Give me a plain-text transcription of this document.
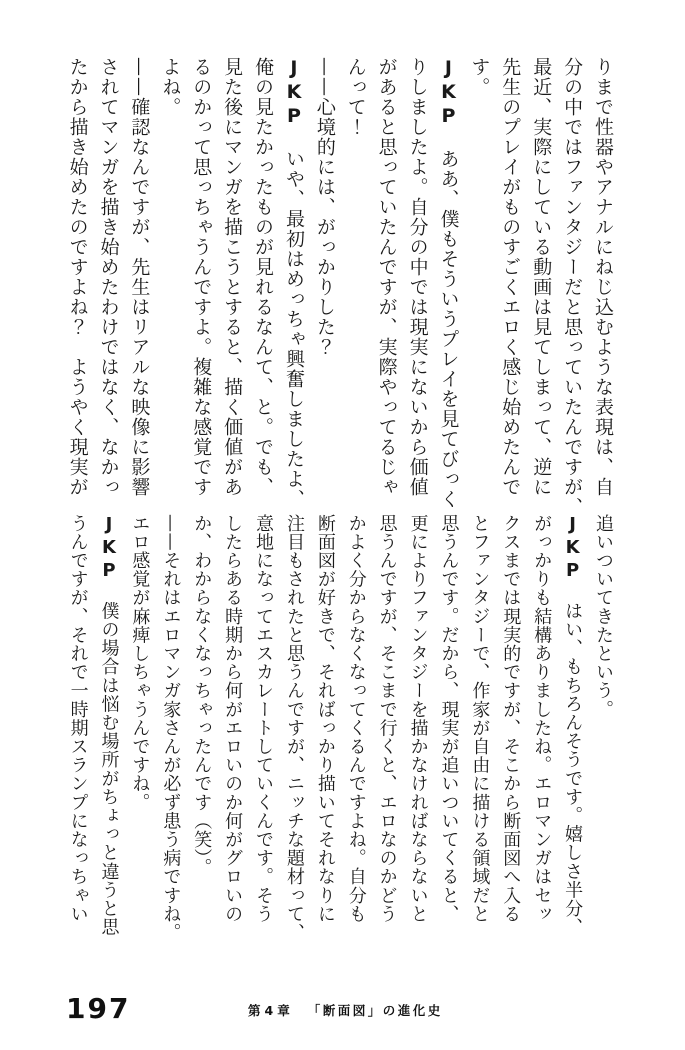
りまで性器やアナルにねじ込むような表現は、自
分の中ではファンタジーだと思っていたんですが、
最近、実際にしている動画は見てしまって、逆に
先生のプレイがものすごくエロく感じ始めたんで
す。
JKP　ああ、僕もそういうプレイを見てびっく
りしましたよ。自分の中では現実にないから価値
があると思っていたんですが、実際やってるじゃ
んって！
——心境的には、がっかりした？
JKP　いや、最初はめっちゃ興奮しましたよ、
俺の見たかったものが見れるなんて、と。でも、
見た後にマンガを描こうとすると、描く価値があ
るのかって思っちゃうんですよ。複雑な感覚です
よね。
——確認なんですが、先生はリアルな映像に影響
されてマンガを描き始めたわけではなく、なかっ
たから描き始めたのですよね？　ようやく現実が
追いついてきたという。
JKP　はい、もちろんそうです。嬉しさ半分、
がっかりも結構ありましたね。エロマンガはセッ
クスまでは現実的ですが、そこから断面図へ入る
とファンタジーで、作家が自由に描ける領域だと
思うんです。だから、現実が追いついてくると、
更によりファンタジーを描かなければならないと
思うんですが、そこまで行くと、エロなのかどう
かよく分からなくなってくるんですよね。自分も
断面図が好きで、そればっかり描いてそれなりに
注目もされたと思うんですが、ニッチな題材って、
意地になってエスカレートしていくんです。そう
したらある時期から何がエロいのか何がグロいの
か、わからなくなっちゃったんです（笑）。
——それはエロマンガ家さんが必ず患う病ですね。
エロ感覚が麻痺しちゃうんですね。
JKP　僕の場合は悩む場所がちょっと違うと思
うんですが、それで一時期スランプになっちゃい
197	第4章 「断面図」の進化史
